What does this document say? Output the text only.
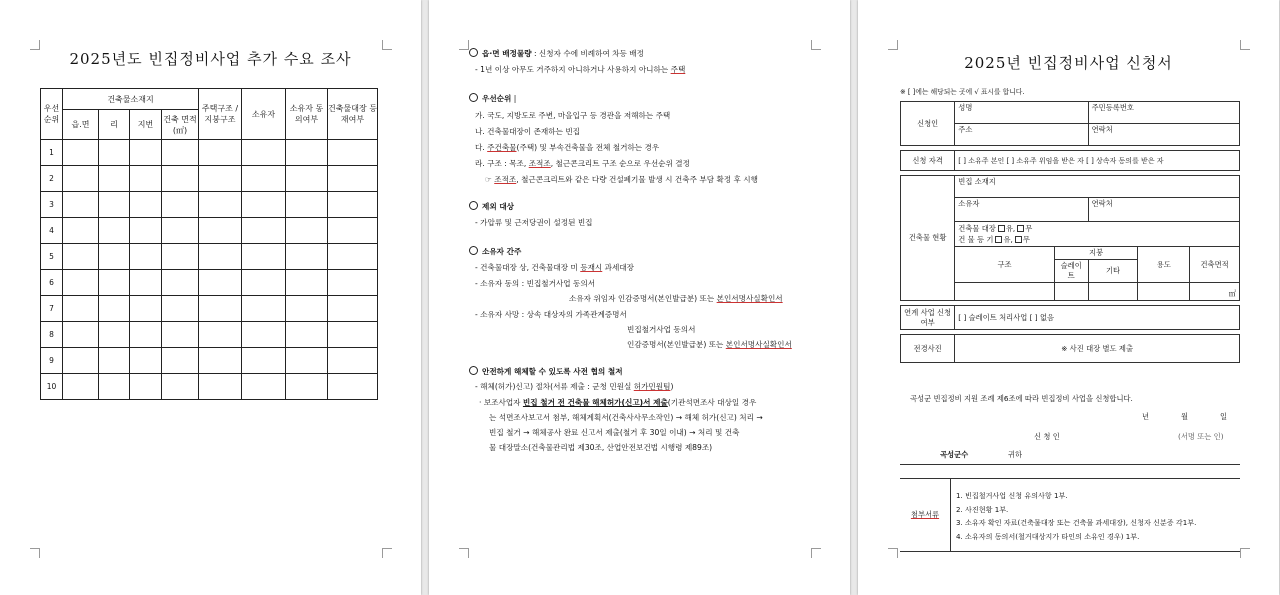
2025년도 빈집정비사업 추가 수요 조사
우선 순위	건축물소재지				주택구조 /지붕구조	소유자	소유자 동의여부	건축물대장 등재여부
	읍.면	리	지번	건축 면적(㎡)				
1								
2								
3								
4								
5								
6								
7								
8								
9								
10								
읍·면 배정물량 : 신청자 수에 비례하여 차등 배정
- 1년 이상 아무도 거주하지 아니하거나 사용하지 아니하는 주택
우선순위 |
가. 국도, 지방도로 주변, 마을입구 등 경관을 저해하는 주택
나. 건축물대장이 존재하는 빈집
다. 주건축물(주택) 및 부속건축물을 전체 철거하는 경우
라. 구조 : 목조, 조적조, 철근콘크리트 구조 순으로 우선순위 결정
☞ 조적조, 철근콘크리트와 같은 다량 건설폐기물 발생 시 건축주 부담 확정 후 시행
제외 대상
- 가압류 및 근저당권이 설정된 빈집
소유자 간주
- 건축물대장 상, 건축물대장 미 등재시 과세대장
- 소유자 동의 : 빈집철거사업 동의서
소유자 위임자 인감증명서(본인발급분) 또는 본인서명사실확인서
- 소유자 사망 : 상속 대상자의 가족관계증명서
빈집철거사업 동의서
인감증명서(본인발급분) 또는 본인서명사실확인서
안전하게 해체할 수 있도록 사전 협의 철저
- 해체(허가)신고) 절차(서류 제출 : 군청 민원실 허가민원팀)
· 보조사업자 빈집 철거 전 건축물 해체허가(신고)서 제출(기관석면조사 대상일 경우
는 석면조사보고서 첨부, 해체계획서(건축사사무소작인) → 해체 허가(신고) 처리 →
빈집 철거 → 해체공사 완료 신고서 제출(철거 후 30일 이내) → 처리 및 건축
물 대장말소(건축물관리법 제30조, 산업안전보건법 시행령 제89조)
2025년 빈집정비사업 신청서
※ [ ]에는 해당되는 곳에 √ 표시를 합니다.
신청인	성명		주민등록번호		
	주소		연락처		

신청 자격	[ ] 소유주 본인 [ ] 소유주 위임을 받은 자 [ ] 상속자 동의를 받은 자				

건축물 현황	빈집 소재지				
	소유자		연락처		

	건축물 대장 유, 무
건 물 등 기 유, 무				

	구조	지붕		용도	건축면적
		슬레이트	기타		
					㎡

연계 사업 신청 여부	[ ] 슬레이트 처리사업 [ ] 없음				

전경사진	※ 사진 대장 별도 제출				
곡성군 빈집정비 지원 조례 제6조에 따라 빈집정비 사업을 신청합니다.
년	월	일
신 청 인	(서명 또는 인)
곡성군수	귀하
첨부서류
1. 빈집철거사업 신청 유의사항 1부.
2. 사진현황 1부.
3. 소유자 확인 자료(건축물대장 또는 건축물 과세대장), 신청자 신분증 각1부.
4. 소유자의 동의서(철거대상지가 타인의 소유인 경우) 1부.
